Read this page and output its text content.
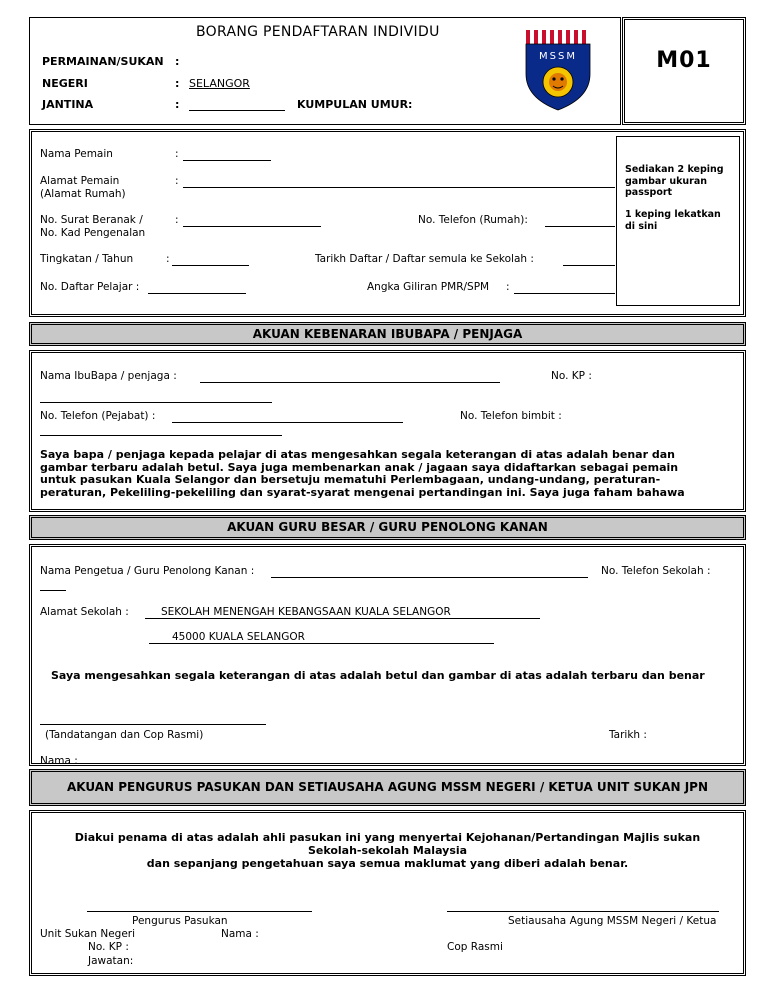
M01
BORANG PENDAFTARAN INDIVIDU
PERMAINAN/SUKAN :
NEGERI	: SELANGOR
JANTINA	:	KUMPULAN UMUR:
MSSM
Sediakan 2 keping gambar ukuran passport
1 keping lekatkan di sini
Nama Pemain	:
Alamat Pemain
(Alamat Rumah)
:
No. Surat Beranak /
No. Kad Pengenalan
:	No. Telefon (Rumah):
Tingkatan / Tahun	:	Tarikh Daftar / Daftar semula ke Sekolah :
No. Daftar Pelajar :	Angka Giliran PMR/SPM :
AKUAN KEBENARAN IBUBAPA / PENJAGA
Nama IbuBapa / penjaga :	No. KP :
No. Telefon (Pejabat) :	No. Telefon bimbit :
Saya bapa / penjaga kepada pelajar di atas mengesahkan segala keterangan di atas adalah benar dan
gambar terbaru adalah betul. Saya juga membenarkan anak / jagaan saya didaftarkan sebagai pemain
untuk pasukan Kuala Selangor dan bersetuju mematuhi Perlembagaan, undang-undang, peraturan-
peraturan, Pekeliling-pekeliling dan syarat-syarat mengenai pertandingan ini. Saya juga faham bahawa
AKUAN GURU BESAR / GURU PENOLONG KANAN
Nama Pengetua / Guru Penolong Kanan :	No. Telefon Sekolah :
Alamat Sekolah :	SEKOLAH MENENGAH KEBANGSAAN KUALA SELANGOR
45000 KUALA SELANGOR
Saya mengesahkan segala keterangan di atas adalah betul dan gambar di atas adalah terbaru dan benar
(Tandatangan dan Cop Rasmi)	Tarikh :
Nama :
AKUAN PENGURUS PASUKAN DAN SETIAUSAHA AGUNG MSSM NEGERI / KETUA UNIT SUKAN JPN
Diakui penama di atas adalah ahli pasukan ini yang menyertai Kejohanan/Pertandingan Majlis sukan
Sekolah-sekolah Malaysia
dan sepanjang pengetahuan saya semua maklumat yang diberi adalah benar.
Pengurus Pasukan	Setiausaha Agung MSSM Negeri / Ketua
Unit Sukan Negeri	Nama :
No. KP :	Cop Rasmi
Jawatan:
